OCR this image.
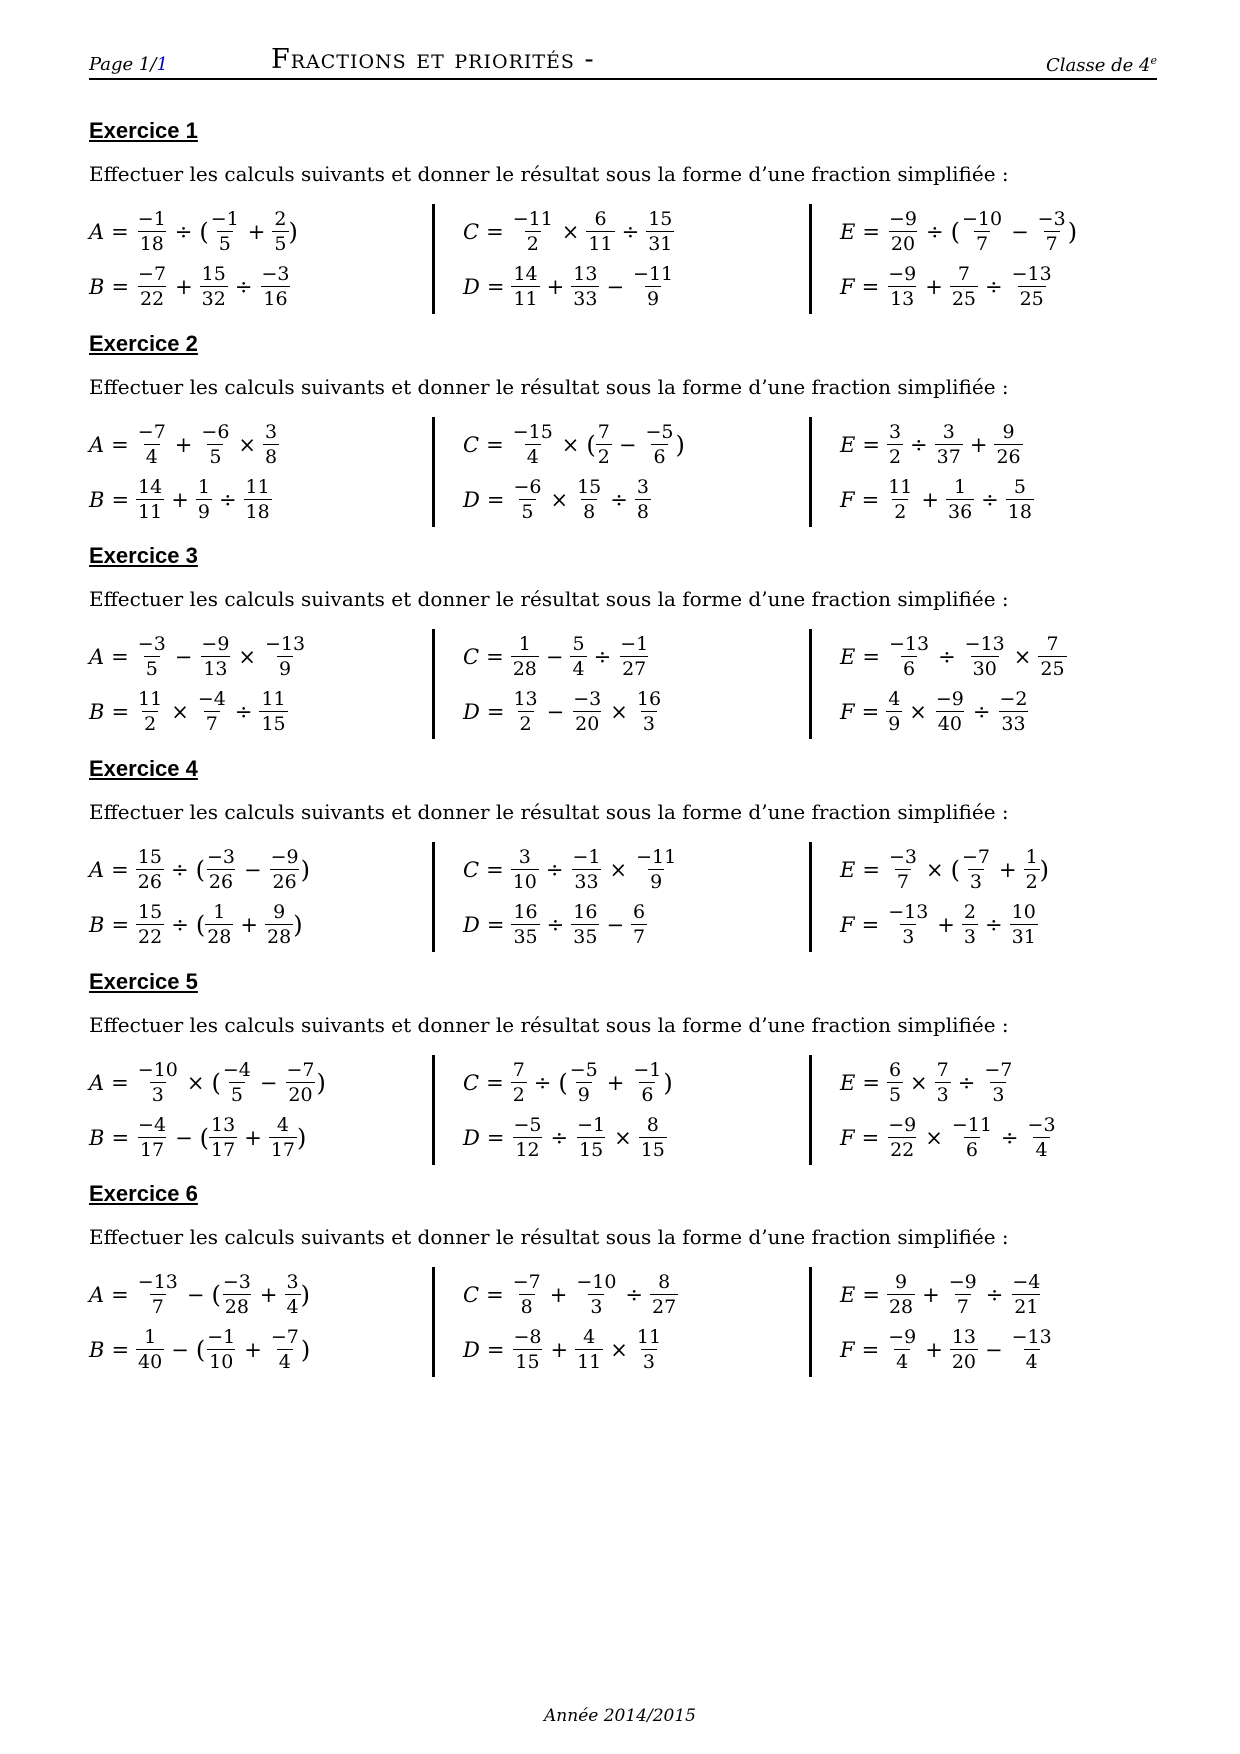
Page 1/1	Fractions et priorités -	Classe de 4e
Exercice 1
Effectuer les calculs suivants et donner le résultat sous la forme d’une fraction simplifiée :
$A = \frac{-1}{18}$ ÷ ( $\frac{-1}{5} + \frac{2}{5}$ )
$B = \frac{-7}{22} + \frac{15}{32} \div \frac{-3}{16}$
$C = \frac{-11}{2} \times \frac{6}{11} \div \frac{15}{31}$
$D = \frac{14}{11} + \frac{13}{33} - \frac{-11}{9}$
$E = \frac{-9}{20}$ ÷ ( $\frac{-10}{7} - \frac{-3}{7}$ )
$F = \frac{-9}{13} + \frac{7}{25} \div \frac{-13}{25}$
Exercice 2
Effectuer les calculs suivants et donner le résultat sous la forme d’une fraction simplifiée :
$A = \frac{-7}{4} + \frac{-6}{5} \times \frac{3}{8}$
$B = \frac{14}{11} + \frac{1}{9} \div \frac{11}{18}$
$C = \frac{-15}{4}$ × ( $\frac{7}{2} - \frac{-5}{6}$ )
$D = \frac{-6}{5} \times \frac{15}{8} \div \frac{3}{8}$
$E = \frac{3}{2} \div \frac{3}{37} + \frac{9}{26}$
$F = \frac{11}{2} + \frac{1}{36} \div \frac{5}{18}$
Exercice 3
Effectuer les calculs suivants et donner le résultat sous la forme d’une fraction simplifiée :
$A = \frac{-3}{5} - \frac{-9}{13} \times \frac{-13}{9}$
$B = \frac{11}{2} \times \frac{-4}{7} \div \frac{11}{15}$
$C = \frac{1}{28} - \frac{5}{4} \div \frac{-1}{27}$
$D = \frac{13}{2} - \frac{-3}{20} \times \frac{16}{3}$
$E = \frac{-13}{6} \div \frac{-13}{30} \times \frac{7}{25}$
$F = \frac{4}{9} \times \frac{-9}{40} \div \frac{-2}{33}$
Exercice 4
Effectuer les calculs suivants et donner le résultat sous la forme d’une fraction simplifiée :
$A = \frac{15}{26}$ ÷ ( $\frac{-3}{26} - \frac{-9}{26}$ )
$B = \frac{15}{22}$ ÷ ( $\frac{1}{28} + \frac{9}{28}$ )
$C = \frac{3}{10} \div \frac{-1}{33} \times \frac{-11}{9}$
$D = \frac{16}{35} \div \frac{16}{35} - \frac{6}{7}$
$E = \frac{-3}{7}$ × ( $\frac{-7}{3} + \frac{1}{2}$ )
$F = \frac{-13}{3} + \frac{2}{3} \div \frac{10}{31}$
Exercice 5
Effectuer les calculs suivants et donner le résultat sous la forme d’une fraction simplifiée :
$A = \frac{-10}{3}$ × ( $\frac{-4}{5} - \frac{-7}{20}$ )
$B = \frac{-4}{17}$ − ( $\frac{13}{17} + \frac{4}{17}$ )
$C = \frac{7}{2}$ ÷ ( $\frac{-5}{9} + \frac{-1}{6}$ )
$D = \frac{-5}{12} \div \frac{-1}{15} \times \frac{8}{15}$
$E = \frac{6}{5} \times \frac{7}{3} \div \frac{-7}{3}$
$F = \frac{-9}{22} \times \frac{-11}{6} \div \frac{-3}{4}$
Exercice 6
Effectuer les calculs suivants et donner le résultat sous la forme d’une fraction simplifiée :
$A = \frac{-13}{7}$ − ( $\frac{-3}{28} + \frac{3}{4}$ )
$B = \frac{1}{40}$ − ( $\frac{-1}{10} + \frac{-7}{4}$ )
$C = \frac{-7}{8} + \frac{-10}{3} \div \frac{8}{27}$
$D = \frac{-8}{15} + \frac{4}{11} \times \frac{11}{3}$
$E = \frac{9}{28} + \frac{-9}{7} \div \frac{-4}{21}$
$F = \frac{-9}{4} + \frac{13}{20} - \frac{-13}{4}$
Année 2014/2015
